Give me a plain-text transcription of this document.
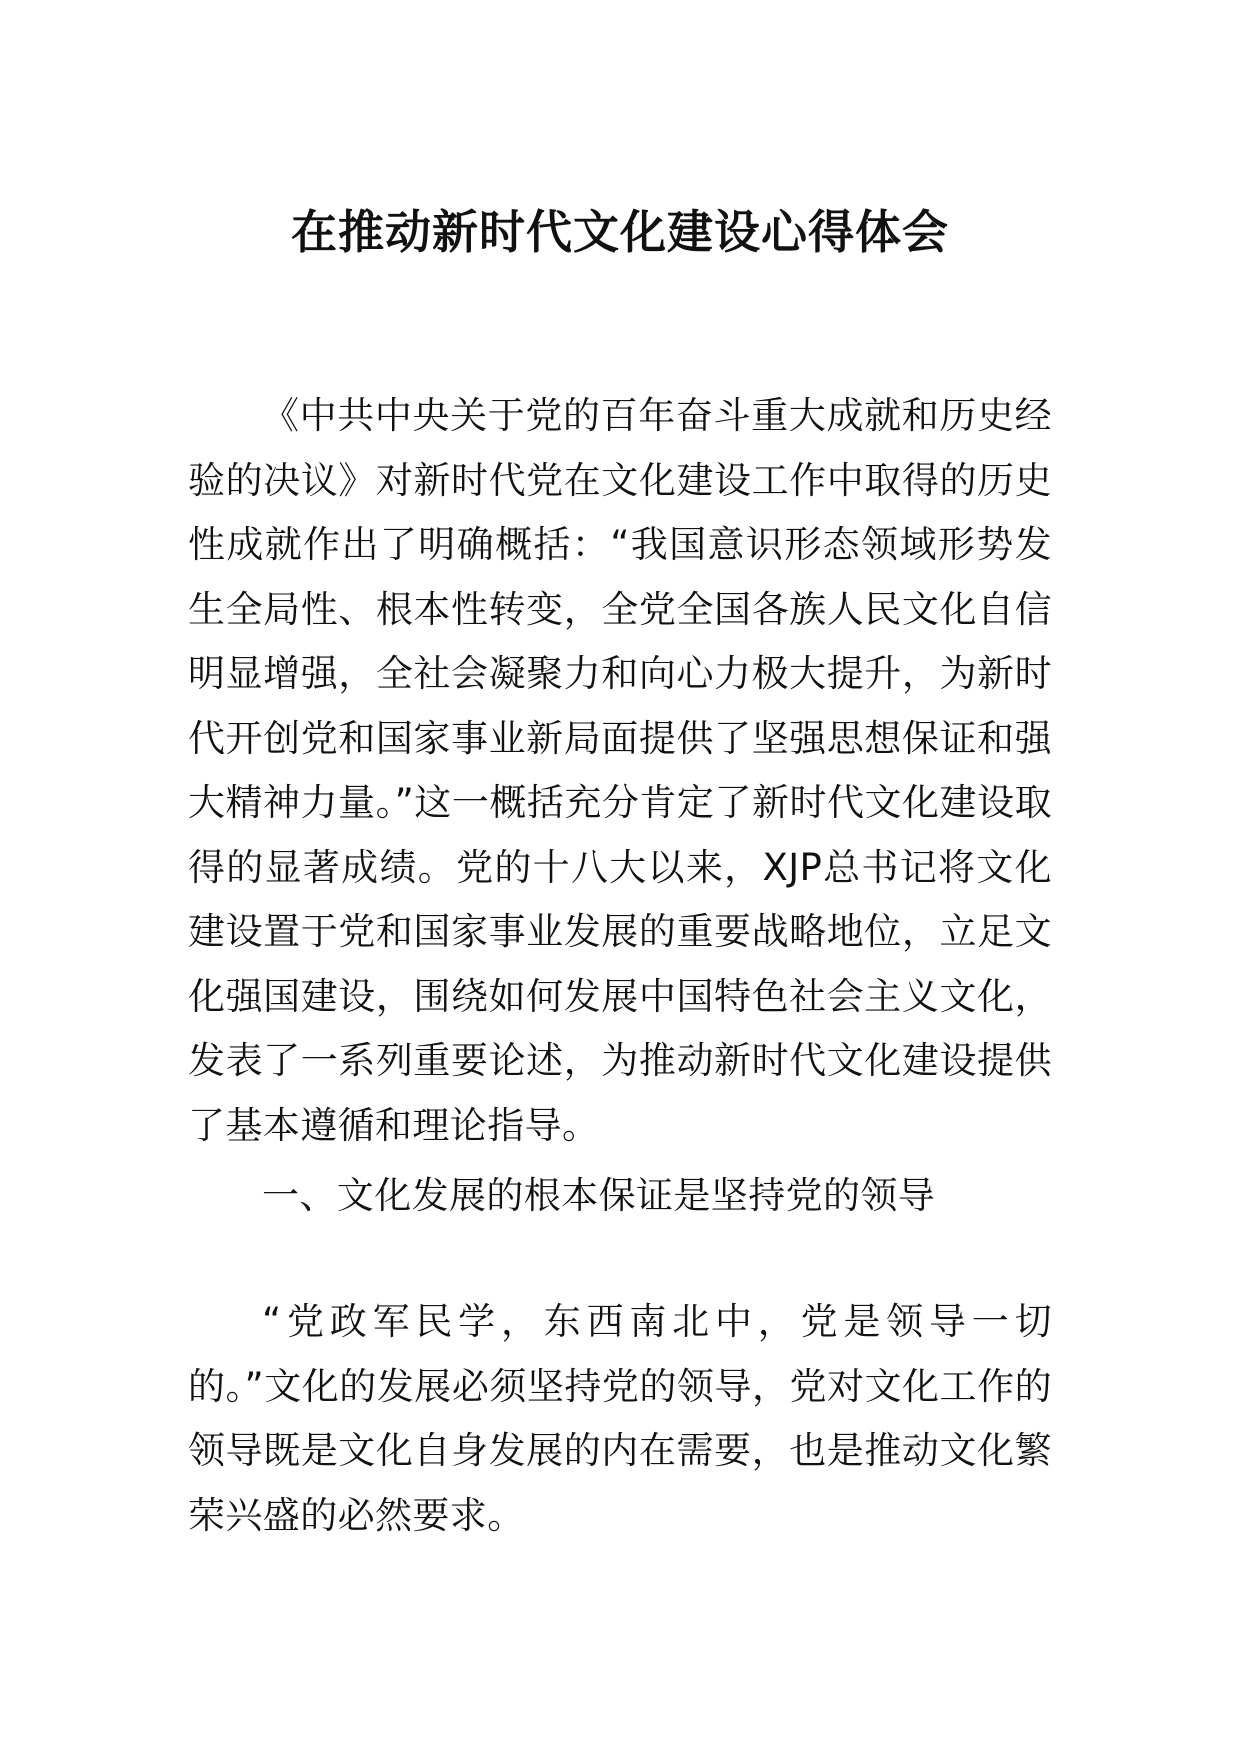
在推动新时代文化建设心得体会

《中共中央关于党的百年奋斗重大成就和历史经验的决议》对新时代党在文化建设工作中取得的历史性成就作出了明确概括：“我国意识形态领域形势发生全局性、根本性转变，全党全国各族人民文化自信明显增强，全社会凝聚力和向心力极大提升，为新时代开创党和国家事业新局面提供了坚强思想保证和强大精神力量。”这一概括充分肯定了新时代文化建设取得的显著成绩。党的十八大以来，XJP总书记将文化建设置于党和国家事业发展的重要战略地位，立足文化强国建设，围绕如何发展中国特色社会主义文化，发表了一系列重要论述，为推动新时代文化建设提供了基本遵循和理论指导。

一、文化发展的根本保证是坚持党的领导

“党政军民学，东西南北中，党是领导一切的。”文化的发展必须坚持党的领导，党对文化工作的领导既是文化自身发展的内在需要，也是推动文化繁荣兴盛的必然要求。
